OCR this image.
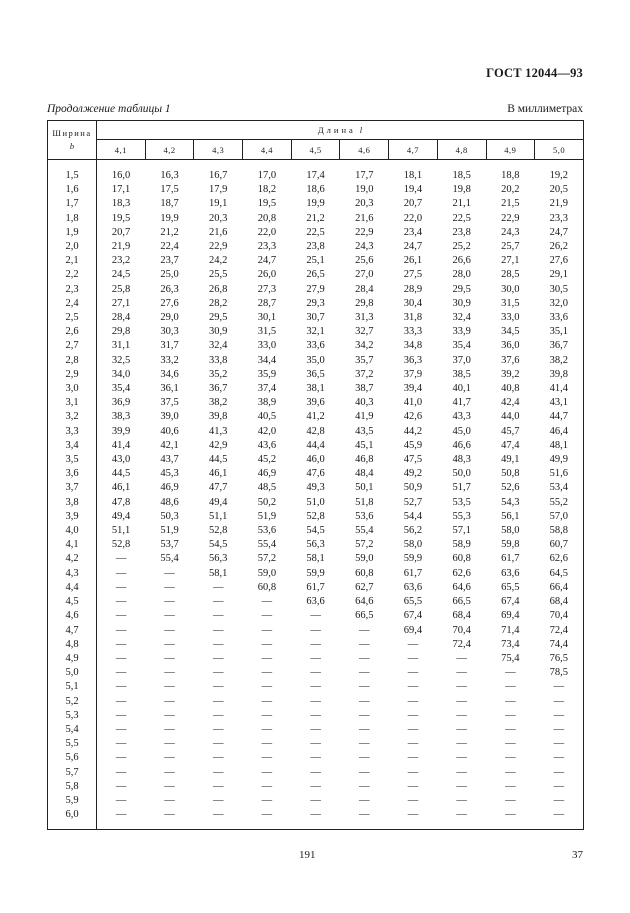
ГОСТ 12044—93
Продолжение таблицы 1	В миллиметрах
Ширина
b	Длина l									
	4,1	4,2	4,3	4,4	4,5	4,6	4,7	4,8	4,9	5,0

1,5	16,0	16,3	16,7	17,0	17,4	17,7	18,1	18,5	18,8	19,2
1,6	17,1	17,5	17,9	18,2	18,6	19,0	19,4	19,8	20,2	20,5
1,7	18,3	18,7	19,1	19,5	19,9	20,3	20,7	21,1	21,5	21,9
1,8	19,5	19,9	20,3	20,8	21,2	21,6	22,0	22,5	22,9	23,3
1,9	20,7	21,2	21,6	22,0	22,5	22,9	23,4	23,8	24,3	24,7
2,0	21,9	22,4	22,9	23,3	23,8	24,3	24,7	25,2	25,7	26,2
2,1	23,2	23,7	24,2	24,7	25,1	25,6	26,1	26,6	27,1	27,6
2,2	24,5	25,0	25,5	26,0	26,5	27,0	27,5	28,0	28,5	29,1
2,3	25,8	26,3	26,8	27,3	27,9	28,4	28,9	29,5	30,0	30,5
2,4	27,1	27,6	28,2	28,7	29,3	29,8	30,4	30,9	31,5	32,0
2,5	28,4	29,0	29,5	30,1	30,7	31,3	31,8	32,4	33,0	33,6
2,6	29,8	30,3	30,9	31,5	32,1	32,7	33,3	33,9	34,5	35,1
2,7	31,1	31,7	32,4	33,0	33,6	34,2	34,8	35,4	36,0	36,7
2,8	32,5	33,2	33,8	34,4	35,0	35,7	36,3	37,0	37,6	38,2
2,9	34,0	34,6	35,2	35,9	36,5	37,2	37,9	38,5	39,2	39,8
3,0	35,4	36,1	36,7	37,4	38,1	38,7	39,4	40,1	40,8	41,4
3,1	36,9	37,5	38,2	38,9	39,6	40,3	41,0	41,7	42,4	43,1
3,2	38,3	39,0	39,8	40,5	41,2	41,9	42,6	43,3	44,0	44,7
3,3	39,9	40,6	41,3	42,0	42,8	43,5	44,2	45,0	45,7	46,4
3,4	41,4	42,1	42,9	43,6	44,4	45,1	45,9	46,6	47,4	48,1
3,5	43,0	43,7	44,5	45,2	46,0	46,8	47,5	48,3	49,1	49,9
3,6	44,5	45,3	46,1	46,9	47,6	48,4	49,2	50,0	50,8	51,6
3,7	46,1	46,9	47,7	48,5	49,3	50,1	50,9	51,7	52,6	53,4
3,8	47,8	48,6	49,4	50,2	51,0	51,8	52,7	53,5	54,3	55,2
3,9	49,4	50,3	51,1	51,9	52,8	53,6	54,4	55,3	56,1	57,0
4,0	51,1	51,9	52,8	53,6	54,5	55,4	56,2	57,1	58,0	58,8
4,1	52,8	53,7	54,5	55,4	56,3	57,2	58,0	58,9	59,8	60,7
4,2	—	55,4	56,3	57,2	58,1	59,0	59,9	60,8	61,7	62,6
4,3	—	—	58,1	59,0	59,9	60,8	61,7	62,6	63,6	64,5
4,4	—	—	—	60,8	61,7	62,7	63,6	64,6	65,5	66,4
4,5	—	—	—	—	63,6	64,6	65,5	66,5	67,4	68,4
4,6	—	—	—	—	—	66,5	67,4	68,4	69,4	70,4
4,7	—	—	—	—	—	—	69,4	70,4	71,4	72,4
4,8	—	—	—	—	—	—	—	72,4	73,4	74,4
4,9	—	—	—	—	—	—	—	—	75,4	76,5
5,0	—	—	—	—	—	—	—	—	—	78,5
5,1	—	—	—	—	—	—	—	—	—	—
5,2	—	—	—	—	—	—	—	—	—	—
5,3	—	—	—	—	—	—	—	—	—	—
5,4	—	—	—	—	—	—	—	—	—	—
5,5	—	—	—	—	—	—	—	—	—	—
5,6	—	—	—	—	—	—	—	—	—	—
5,7	—	—	—	—	—	—	—	—	—	—
5,8	—	—	—	—	—	—	—	—	—	—
5,9	—	—	—	—	—	—	—	—	—	—
6,0	—	—	—	—	—	—	—	—	—	—

191	37
